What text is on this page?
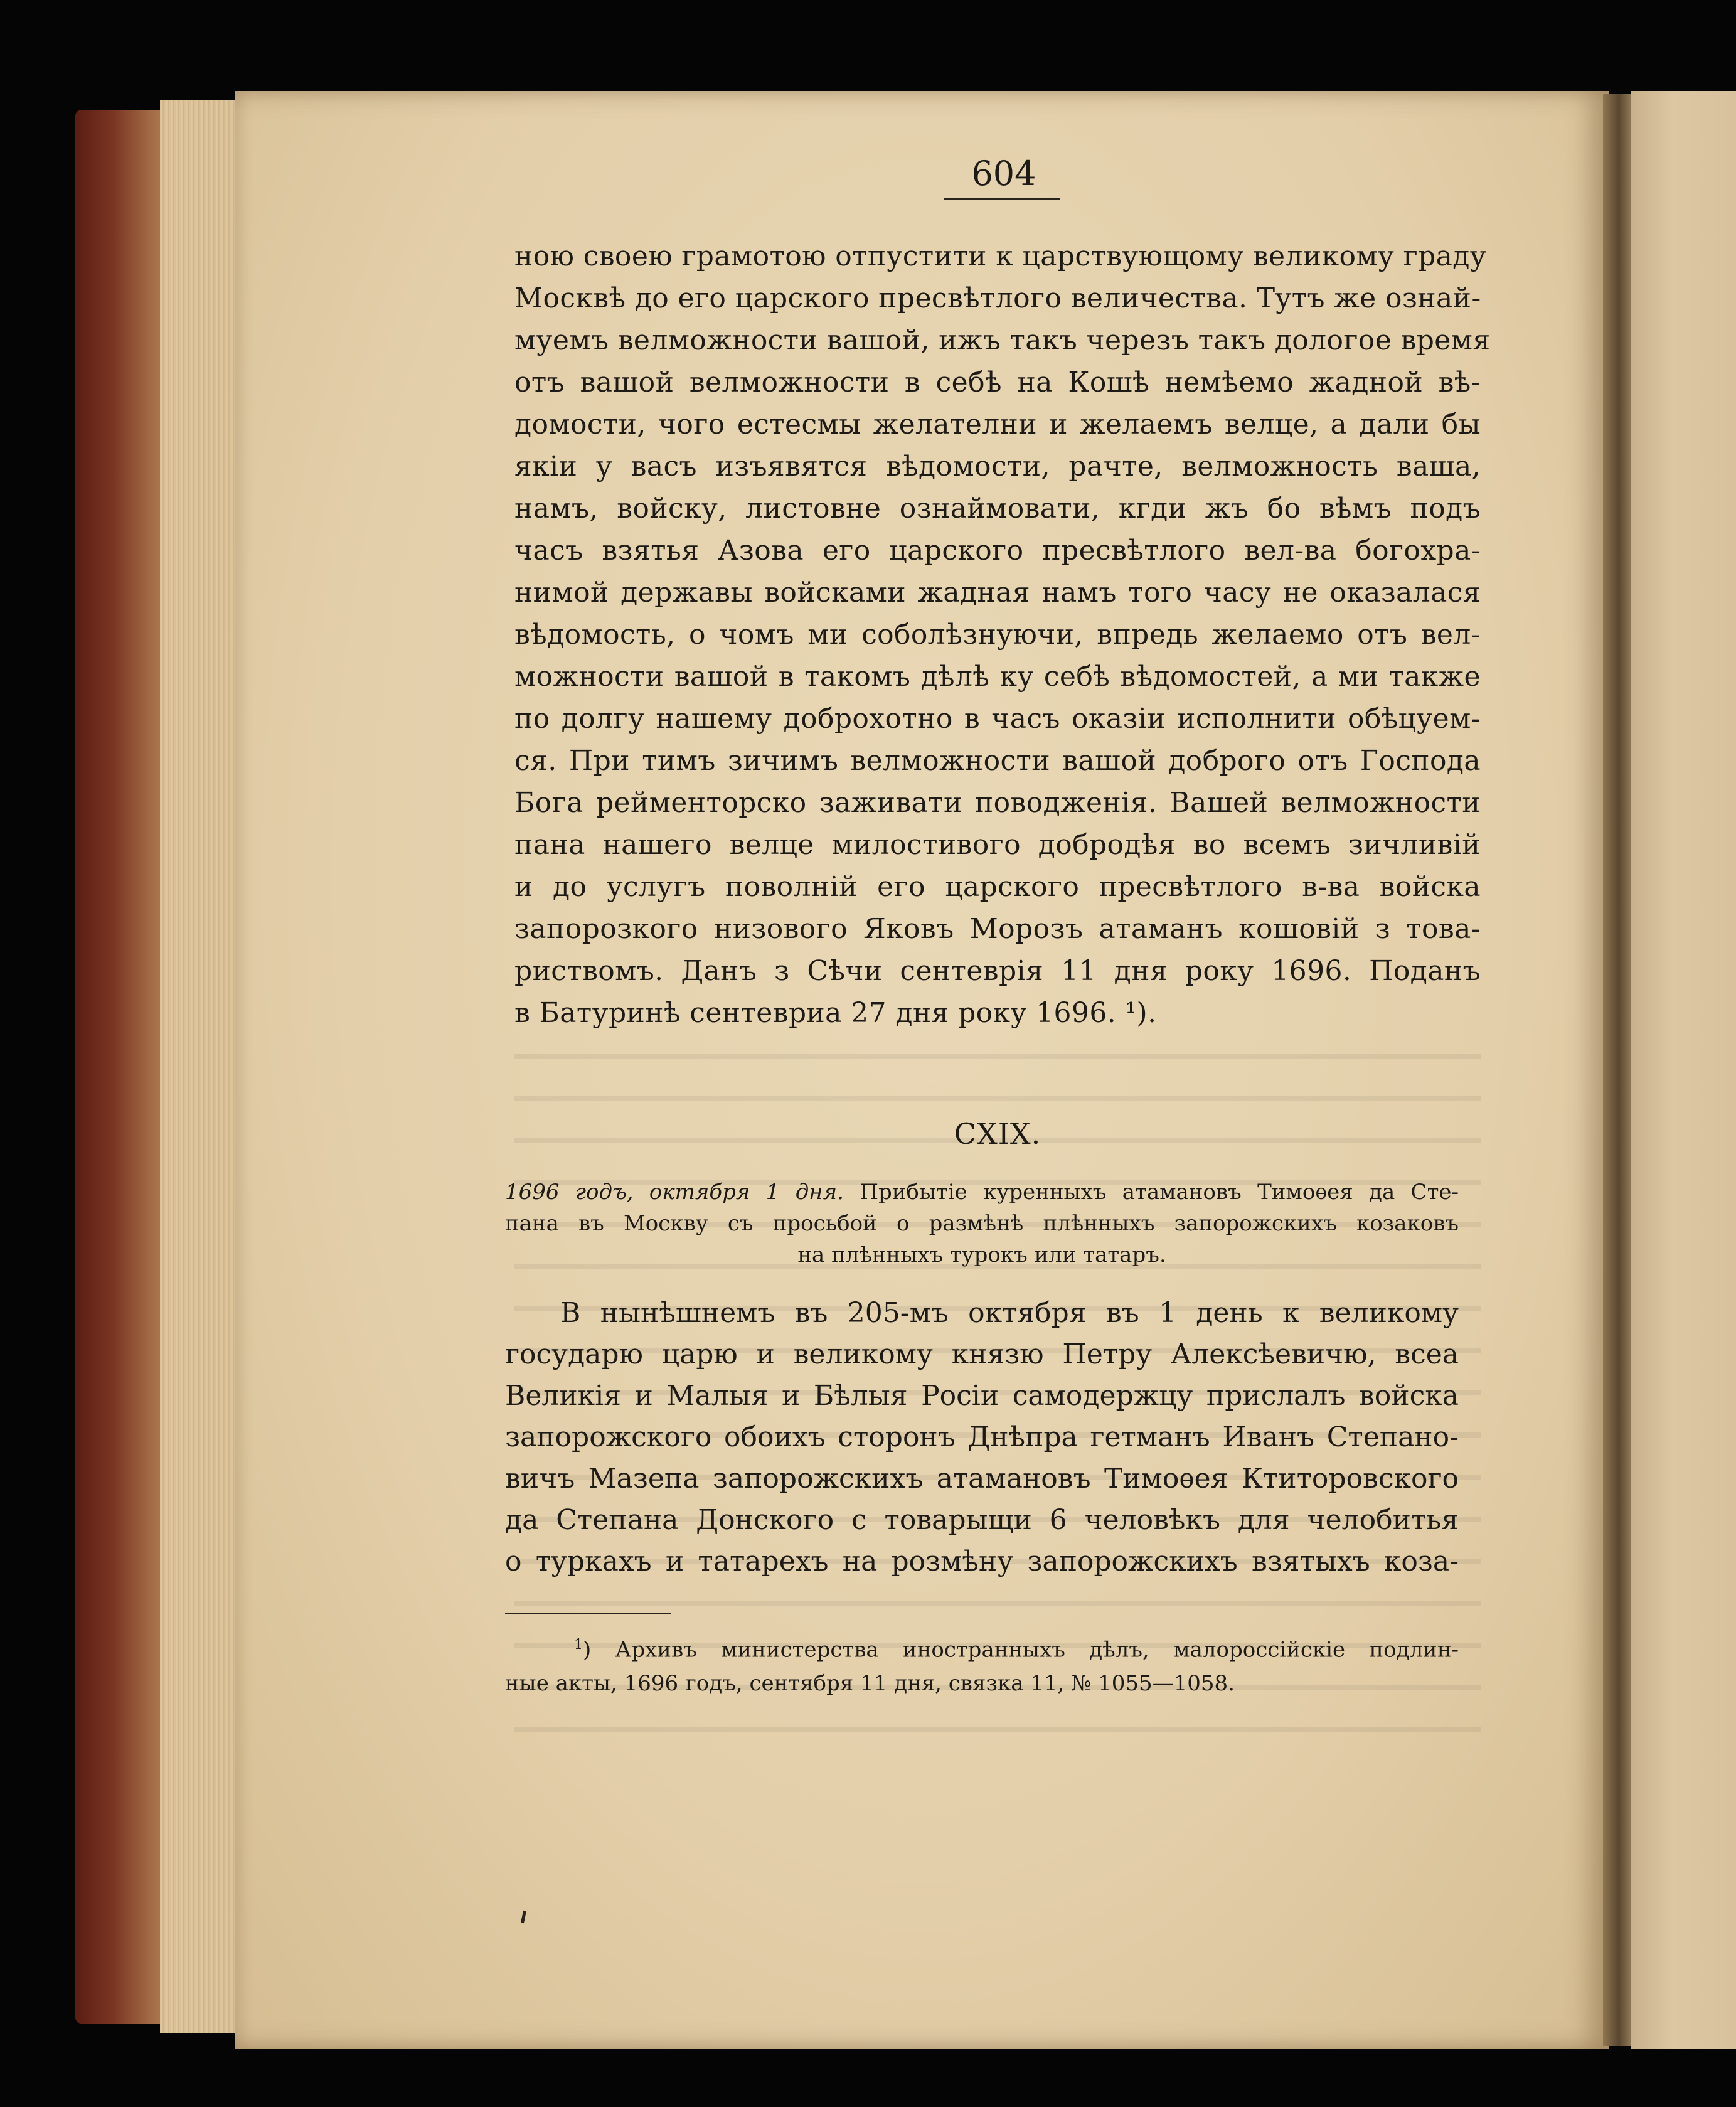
604
ною своею грамотою отпустити к царствующому великому граду
Москвѣ до его царского пресвѣтлого величества. Тутъ же ознай-
муемъ велможности вашой, ижъ такъ черезъ такъ дологое время
отъ вашой велможности в себѣ на Кошѣ немѣемо жадной вѣ-
домости, чого естесмы желателни и желаемъ велце, а дали бы
якiи у васъ изъявятся вѣдомости, рачте, велможность ваша,
намъ, войску, листовне ознаймовати, кгди жъ бо вѣмъ подъ
часъ взятья Азова его царского пресвѣтлого вел-ва богохра-
нимой державы войсками жадная намъ того часу не оказалася
вѣдомость, о чомъ ми соболѣзнуючи, впредь желаемо отъ вел-
можности вашой в такомъ дѣлѣ ку себѣ вѣдомостей, а ми также
по долгу нашему доброхотно в часъ оказiи исполнити обѣцуем-
ся. При тимъ зичимъ велможности вашой доброго отъ Господа
Бога рейменторско заживати поводженiя. Вашей велможности
пана нашего велце милостивого добродѣя во всемъ зичливiй
и до услугъ поволнiй его царского пресвѣтлого в-ва войска
запорозкого низового Яковъ Морозъ атаманъ кошовiй з това-
риствомъ. Данъ з Сѣчи сентеврiя 11 дня року 1696. Поданъ
в Батуринѣ сентевриа 27 дня року 1696. ¹).
CXIX.
1696 годъ, октября 1 дня. Прибытiе куренныхъ атамановъ Тимоѳея да Сте-
пана въ Москву съ просьбой о размѣнѣ плѣнныхъ запорожскихъ козаковъ
на плѣнныхъ турокъ или татаръ.
В нынѣшнемъ въ 205-мъ октября въ 1 день к великому
государю царю и великому князю Петру Алексѣевичю, всеа
Великiя и Малыя и Бѣлыя Росiи самодержцу прислалъ войска
запорожского обоихъ сторонъ Днѣпра гетманъ Иванъ Степано-
вичъ Мазепа запорожскихъ атамановъ Тимоѳея Ктиторовского
да Степана Донского с товарыщи 6 человѣкъ для челобитья
о туркахъ и татарехъ на розмѣну запорожскихъ взятыхъ коза-
$^1$) Архивъ министерства иностранныхъ дѣлъ, малороссiйскiе подлин-
ные акты, 1696 годъ, сентября 11 дня, связка 11, № 1055—1058.
